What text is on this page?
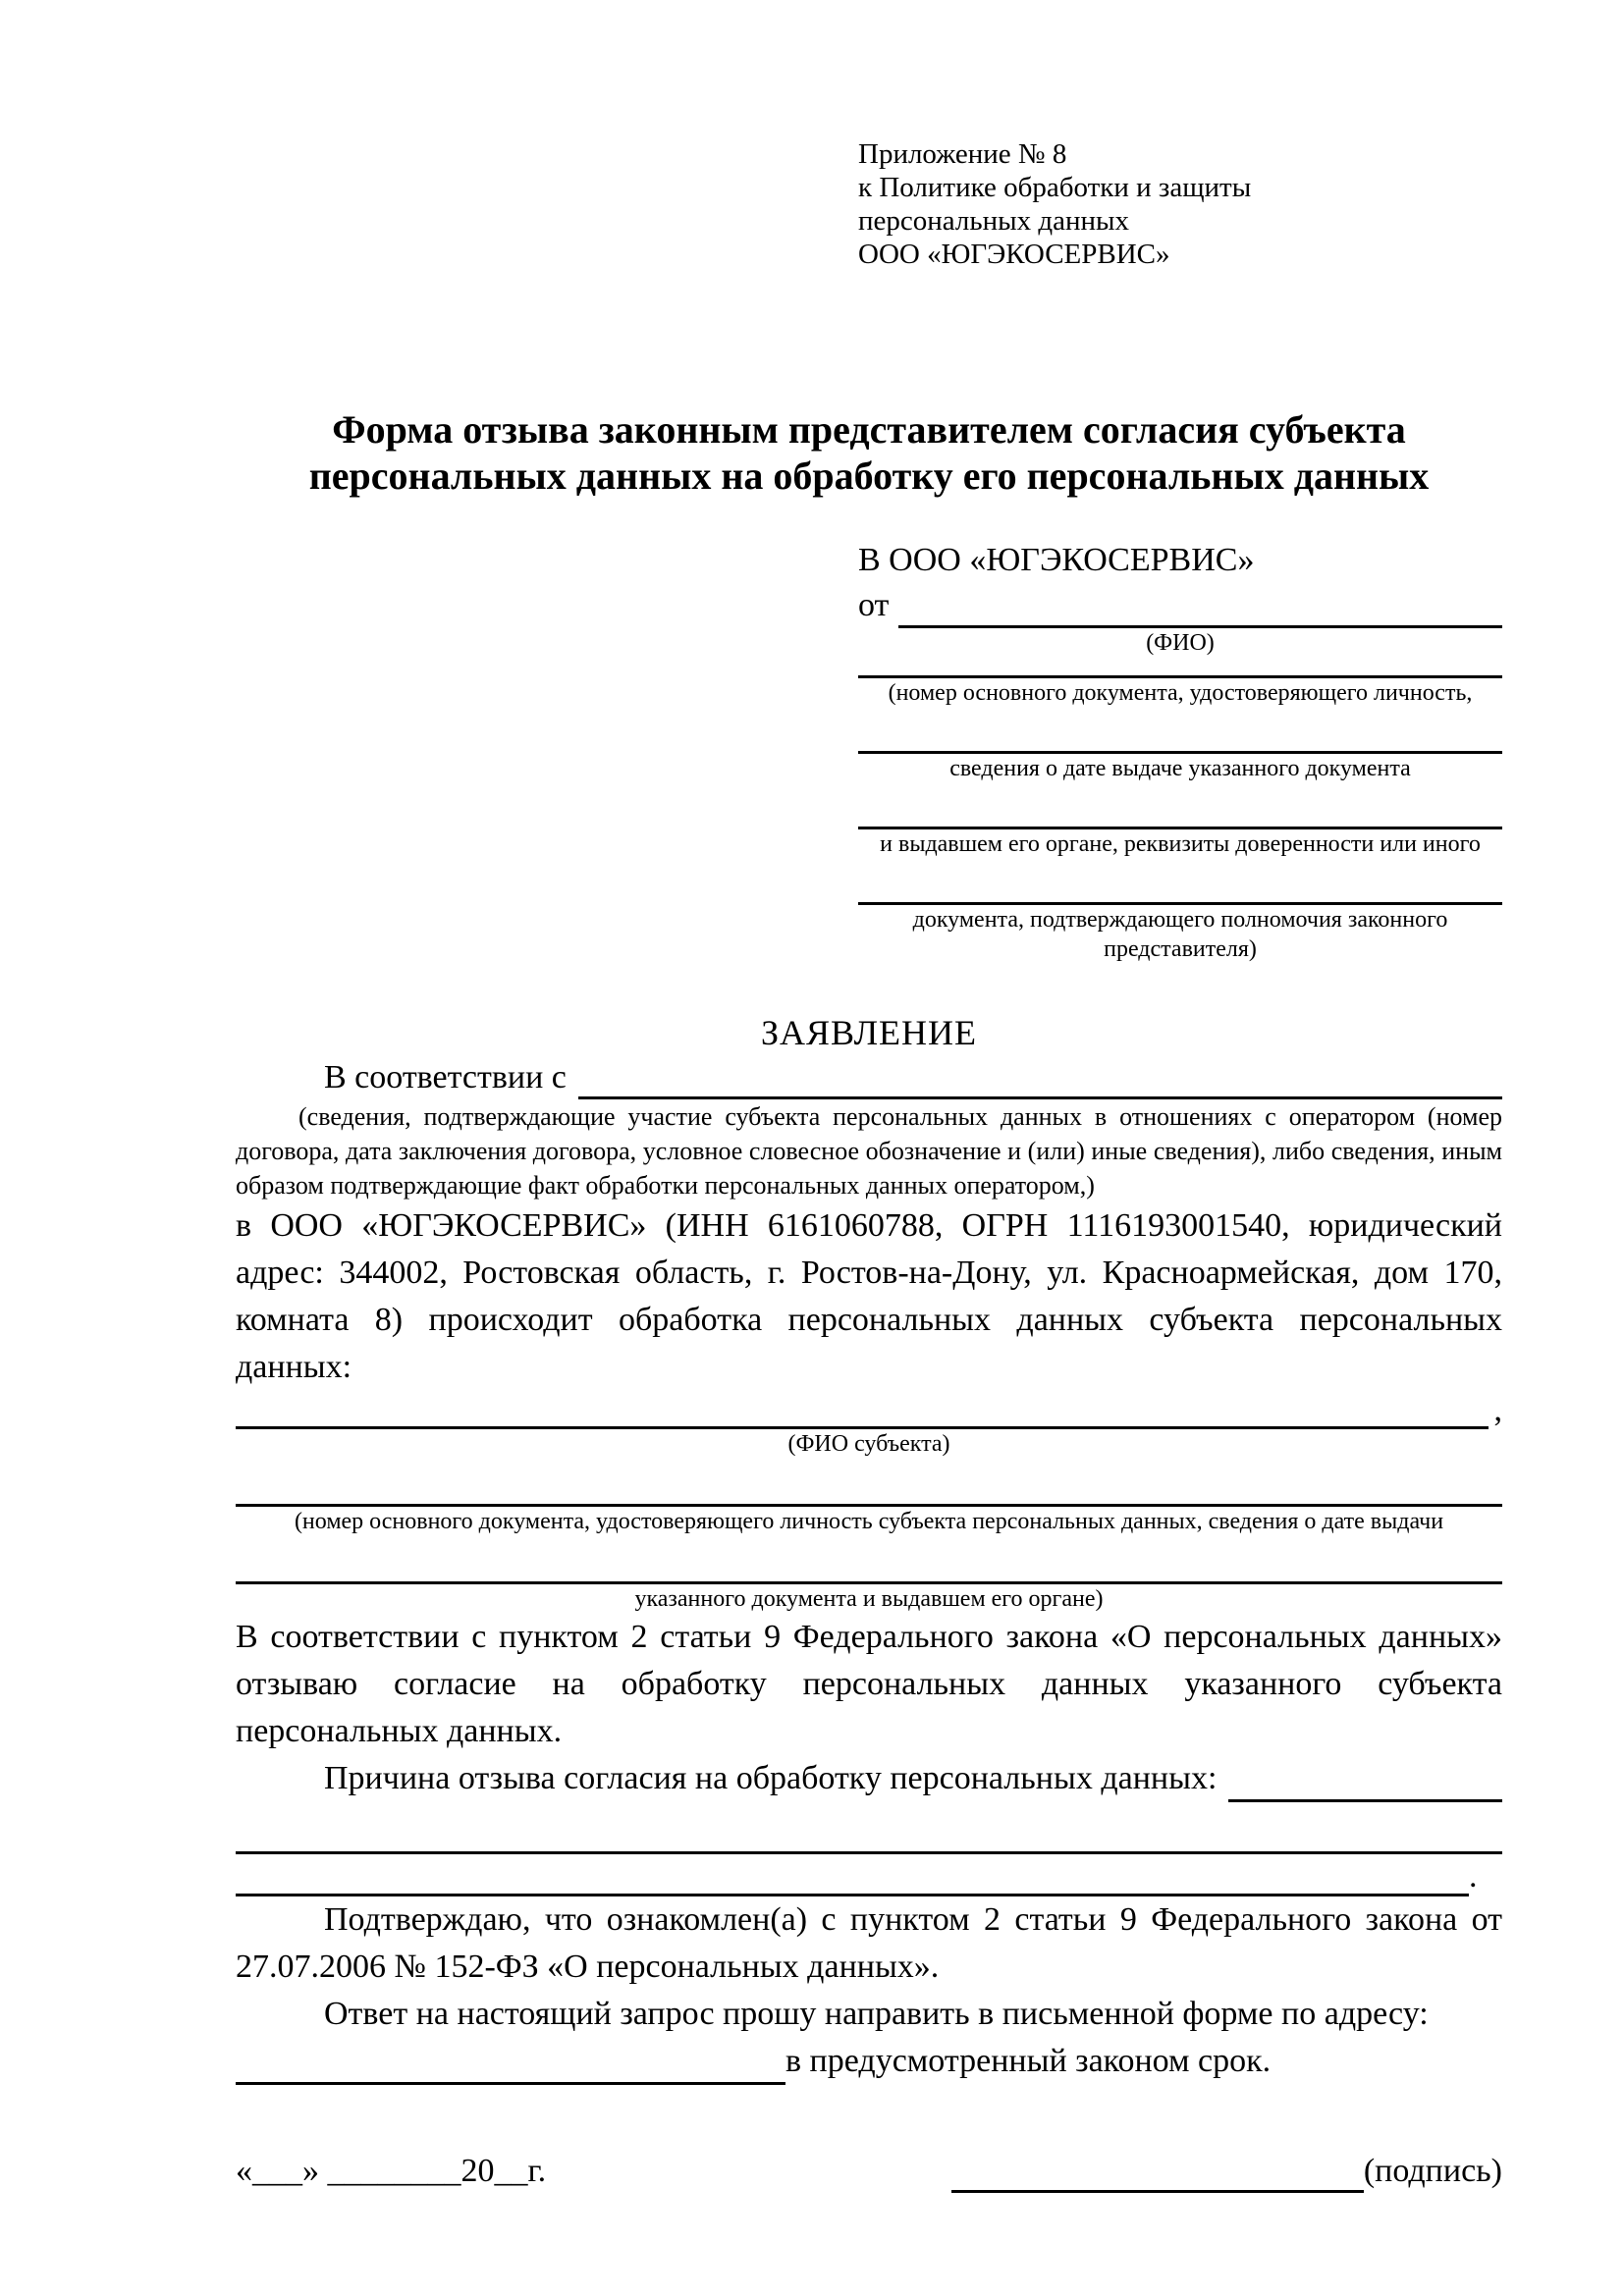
Приложение № 8
к Политике обработки и защиты
персональных данных
ООО «ЮГЭКОСЕРВИС»
Форма отзыва законным представителем согласия субъекта
персональных данных на обработку его персональных данных
В ООО «ЮГЭКОСЕРВИС»
от
(ФИО)
(номер основного документа, удостоверяющего личность,
сведения о дате выдаче указанного документа
и выдавшем его органе, реквизиты доверенности или иного
документа, подтверждающего полномочия законного представителя)
ЗАЯВЛЕНИЕ
В соответствии с
(сведения, подтверждающие участие субъекта персональных данных в отношениях с оператором (номер договора, дата заключения договора, условное словесное обозначение и (или) иные сведения), либо сведения, иным образом подтверждающие факт обработки персональных данных оператором,)

в ООО «ЮГЭКОСЕРВИС» (ИНН 6161060788, ОГРН 1116193001540, юридический адрес: 344002, Ростовская область, г. Ростов-на-Дону, ул. Красноармейская, дом 170, комната 8) происходит обработка персональных данных субъекта персональных данных:

,
(ФИО субъекта)
(номер основного документа, удостоверяющего личность субъекта персональных данных, сведения о дате выдачи
указанного документа и выдавшем его органе)

В соответствии с пунктом 2 статьи 9 Федерального закона «О персональных данных» отзываю согласие на обработку персональных данных указанного субъекта персональных данных.

Причина отзыва согласия на обработку персональных данных:
.

Подтверждаю, что ознакомлен(а) с пунктом 2 статьи 9 Федерального закона от 27.07.2006 № 152-ФЗ «О персональных данных».

Ответ на настоящий запрос прошу направить в письменной форме по адресу:

в предусмотренный законом срок.
«___» ________20__г.	(подпись)
